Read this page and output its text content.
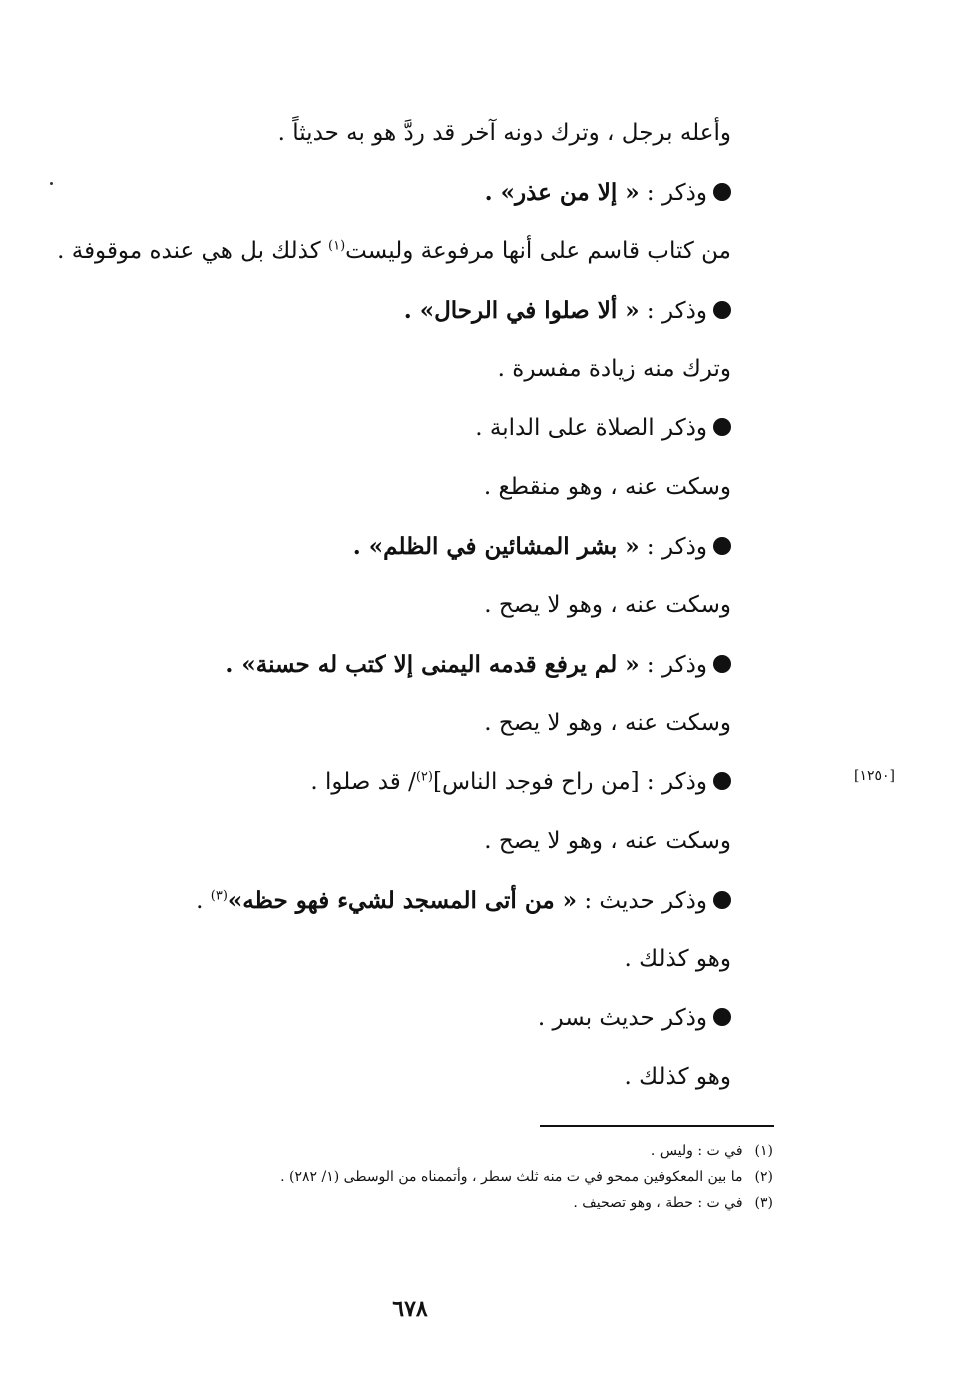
وأعله برجل ، وترك دونه آخر قد ردَّ هو به حديثاً .
وذكر : « إلا من عذر» .
من كتاب قاسم على أنها مرفوعة وليست$^{(١)}$ كذلك بل هي عنده موقوفة .
وذكر : « ألا صلوا في الرحال» .
وترك منه زيادة مفسرة .
وذكر الصلاة على الدابة .
وسكت عنه ، وهو منقطع .
وذكر : « بشر المشائين في الظلم» .
وسكت عنه ، وهو لا يصح .
وذكر : « لم يرفع قدمه اليمنى إلا كتب له حسنة» .
وسكت عنه ، وهو لا يصح .
وذكر : [من راح فوجد الناس]$^{(٢)}$/ قد صلوا .
وسكت عنه ، وهو لا يصح .
وذكر حديث : « من أتى المسجد لشيء فهو حظه»$^{(٣)}$ .
وهو كذلك .
وذكر حديث بسر .
وهو كذلك .
[١٢٥٠]
(١)في ت : وليس .
(٢)ما بين المعكوفين ممحو في ت منه ثلث سطر ، وأتممناه من الوسطى (١/ ٢٨٢) .
(٣)في ت : حطة ، وهو تصحيف .
٦٧٨
